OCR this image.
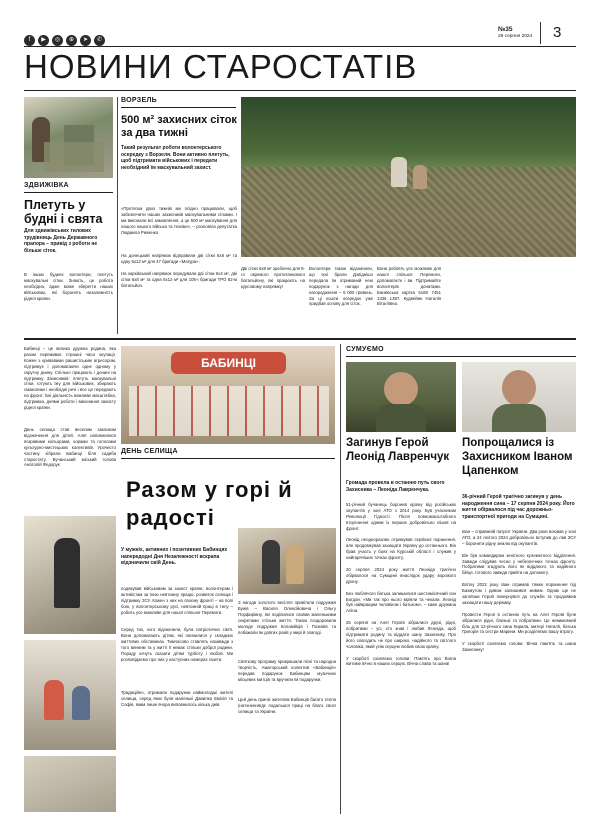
f ▶ ◎ ⊕ ➤ ✆
№35
29 серпня 2024 3
НОВИНИ СТАРОСТАТІВ
ЗДВИЖІВКА
Плетуть у будні і свята
Для здвижівських тилових трудівниць День Державного прапора – привід з роботи не більше сіток.
В інших буднях волонтери, плетуть маскувальні сітки. Знають, це робота необхідна, адже може зберегти наших військових, які боронять незалежність рідної країни.
ВОРЗЕЛЬ
500 м² захисних сіток за два тижні
Такий результат роботи волонтерського осередку з Ворзеля. Вони активно плетуть, щоб підтримати військових і передати необхідний їм маскувальний захист.
«Протягом двох тижнів ми плідно працювали, щоб забезпечити наших захисників маскувальними сітками. І ми виконали всі замовлення, а це 500 м² маскування для нашого нашого війська та техніки», – розповіла депутатка Людмила Риженко.
На донецький напрямок відправили дві сітки 6х8 м² та одну 6х12 м² для 47 бригади «Магура».
На харківський напрямок передували дві сітки 6х4 м², дві сітки 6х8 м² та одна 6х12 м² для 105-ї бригади ТРО 82-м батальйон.
Дві сітки 6х8 м² зроблено для 9-го окремого протитанкового батальйону, які працюють на курсовому напрямку!
Волонтери також відзначили, що їхні брали Дзвіднішо передала їм отриманий нею подарунок з нагоди для нагородження – 5 000 гривень. За ці кошти осередок уже придбав основу для сіток.
Вони роблять усе можливе для нашої спільної Перемоги, допомагаєте і ви. Підтримайте волонтерів донатами. Банківська картка 5168 7451 1336 1387. Кудвейин Наталія Віталіївна.
Бабинці – це велика дружна родина, яка разом переживає страшні часи окупації. Кожен з кривавими рашистським агресором, підтримує і допомагаючи одне одному у скрутну днину. Спільно працюють і донині на підтримку Захисників: плетуть маскувальні сітки, готують їжу для військових, збирають смаколики і необхідні речі і все це передають на фронт. Їхні діяльність важливе масштабна, підтримка, днями роботи і виконання захисту рідної країни.
День селища став веселим закликом відзначення для дітей. Алеї наповнилися яскравими кольорами, хорами та голосами культурно-мистецьких колективів. Урочисто частину зібрали Бабинці біля садиба старостату. Бучанський міський голова Анатолій Федорук
БАБИНЦІ
ДЕНЬ СЕЛИЩА
Разом у горі й радості
У мужніх, активних і позитивних Бабинцях напередодні Дня Незалежності вскрапа відзначили свій День.
подякував військовим за захист країни, волонтерам і активістам за їхню невтомну працю, розвиток селища і підтримку ЗСУ. Кожен з них на своєму фронті – на полі бою, у волонтерському русі, невтомній праці в тилу – робить усе можливе для нашої спільної Перемоги.
Серед тих, кого відзначили, була патріотична сім'я. Вони допомагають дітям, які опинилися у складних життєвих обставинах. Тимчасово ставлять назавжди з того винним та у житті її немає стільки доброї родини. Пораду хочуть сказати дітям турботу і любов. Ми розповідаємо про них у наступних номерах газети.
Традиційно, отримали подарунки наймолодші жителі селища, серед яких були маленькі Давилка Емілія та Софія, яким лише вчора виповнилось кілька днів.
З нагоди золотого весілля привітали подружжя Бунів – Василя Олексійовича і Ольгу Порфирівну, які поділилися своїми маленькими секретами стільки життя. Також поздоровили молоде подружжя Коломійців і Позніків та побажали їм довгих років у мирі й злагоді.
Святкову програму прикрашали пісні та народна творчість. Аматорський колектив «Бабинців» передав подарунок Бабинцям музичних місцевих митців та вручили їм подарунки.
Цей день приніс жителям Бабинців багато тепла (натхненнягдє подальшої праці на благо своєї селища та України.
СУМУЄМО
Загинув Герой Леонід Лавренчук
Громада провела в останню путь свого Захисника – Леоніда Лавренчука.
51-річний бучанець боронив країну від російських окупантів у зоні АТО з 2014 року. Був учасником Революції Гідності. Після повномасштабного вторгнення одним із перших добровільно пішов на фронт.

Леонід неодноразово отримував серйозні поранення, але продовжував захищати Україну до останнього. Він брав участь у боях на Курській області і служив у найгарячіших точках фронту.

20 серпня 2024 року життя Леоніда трагічно обірвалося на Сумщині внаслідок удару ворожого дрону.

Без люблячого батька залишилися шестимісячний син Богдан. «Ми так про нього мріяли та чекали. Леонід був найкращим чоловіком і батьком», – каже дружина Аліна.

25 серпня на Алеї Героїв зібралися друзі, рідні, побратими – усі, хто знав і любив Леоніда, щоб підтримати родину та віддати шану Захиснику. Про його злагодить не про широко, надійного та світлого чоловіка, який усім серцем любив свою країну.

У скорботі схиляємо голови. Пам'ять про Воїна житиме вічно в наших серцях. Вічна слава та шана!
Попрощалися із Захисником Іваном Цапенком
36-річний Герой трагічно загинув у день народження сина – 17 серпня 2024 року. Його життя обірвалося під час дорожньо-транспортної пригоди на Сумщині.
Іван – справжній патріот України. Два роки воював у зоні АТО, а 24 лютого 2024 добровільно вступив до лав ЗСУ – боронити рідну землю від окупантів.

Він був командиром зенітного кулеметного відділення. Завжди слідував чесно у небезпечних точках фронту. Побратими згадують його як відданого та надійного бійця, готового завжди прийти на допомогу.

Влітку 2022 року Іван отримав тяжке поранення під Бахмутом і дивом залишився живим. Однак ще не загоївши Герой повернувся до служби та продовжив захищати нашу державу.

Провести Героя в останню путь на Алеї Героїв були зібралися рідні, близькі та побратими. Це невимовний біль для 12-річного сина Кирила, матері Наталії, батька Григорія та сестри Марини. Ми розділяємо вашу втрату.

У скорботі схиляємо голови. Вічна пам'ять та шана Захиснику!
